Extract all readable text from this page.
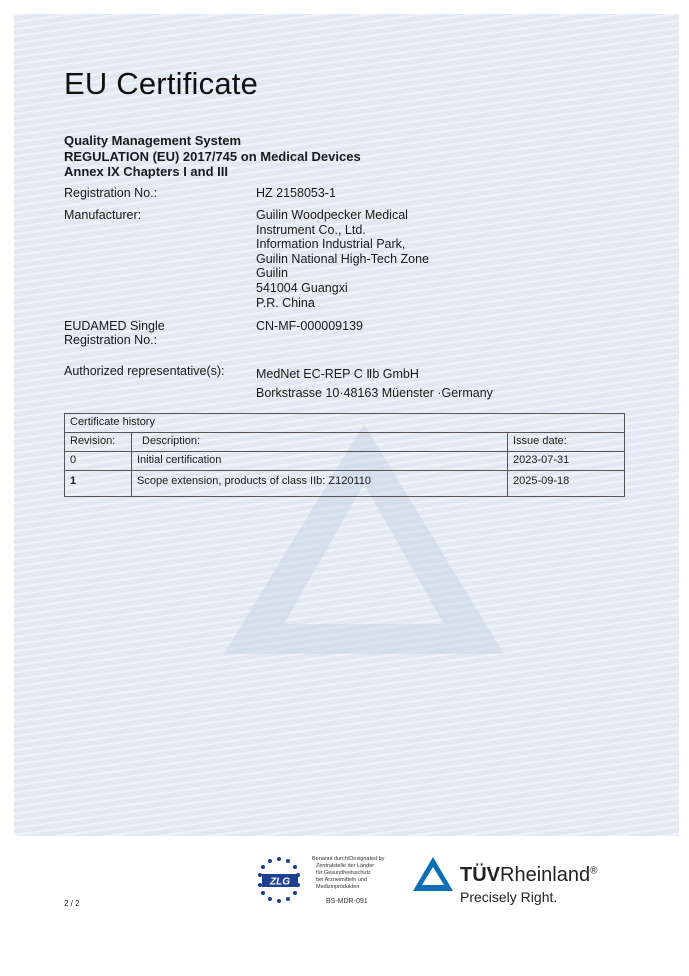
EU Certificate
Quality Management System
REGULATION (EU) 2017/745 on Medical Devices
Annex IX Chapters I and III
Registration No.:	HZ 2158053-1
Manufacturer:	Guilin Woodpecker Medical
Instrument Co., Ltd.
Information Industrial Park,
Guilin National High-Tech Zone
Guilin
541004 Guangxi
P.R. China
EUDAMED Single
Registration No.:
CN-MF-000009139
Authorized representative(s):	MedNet EC-REP C Ⅱb GmbH
Borkstrasse 10·48163 Müenster ·Germany
Certificate history		
Revision:	Description:	Issue date:
0	Initial certification	2023-07-31
1	Scope extension, products of class IIb: Z120110	2025-09-18
ZLG
Benannt durch/Designated by
Zentralstelle der Länder
für Gesundheitsschutz
bei Arzneimitteln und
Medizinprodukten
BS-MDR-091
TÜVRheinland®
Precisely Right.
2 / 2
